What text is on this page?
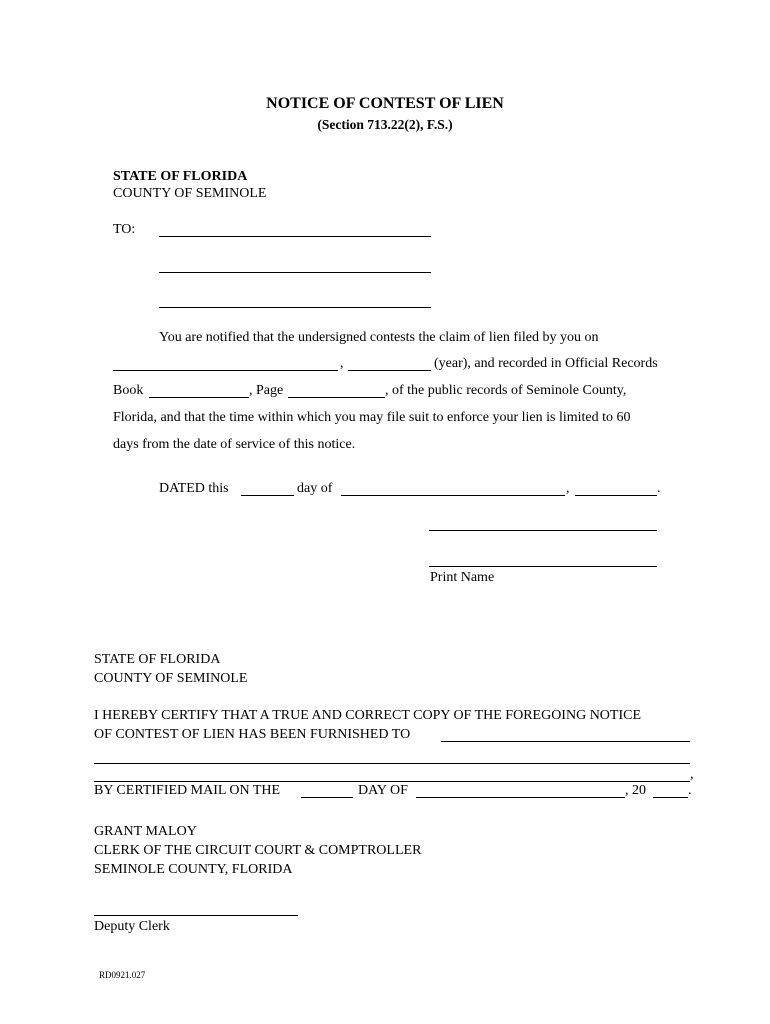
NOTICE OF CONTEST OF LIEN
(Section 713.22(2), F.S.)
STATE OF FLORIDA
COUNTY OF SEMINOLE
TO:
You are notified that the undersigned contests the claim of lien filed by you on
,	(year), and recorded in Official Records
Book	, Page	, of the public records of Seminole County,
Florida, and that the time within which you may file suit to enforce your lien is limited to 60
days from the date of service of this notice.
DATED this	day of	,	.
Print Name
STATE OF FLORIDA
COUNTY OF SEMINOLE
I HEREBY CERTIFY THAT A TRUE AND CORRECT COPY OF THE FOREGOING NOTICE
OF CONTEST OF LIEN HAS BEEN FURNISHED TO
,
BY CERTIFIED MAIL ON THE	DAY OF	, 20	.
GRANT MALOY
CLERK OF THE CIRCUIT COURT & COMPTROLLER
SEMINOLE COUNTY, FLORIDA
Deputy Clerk
RD0921.027
